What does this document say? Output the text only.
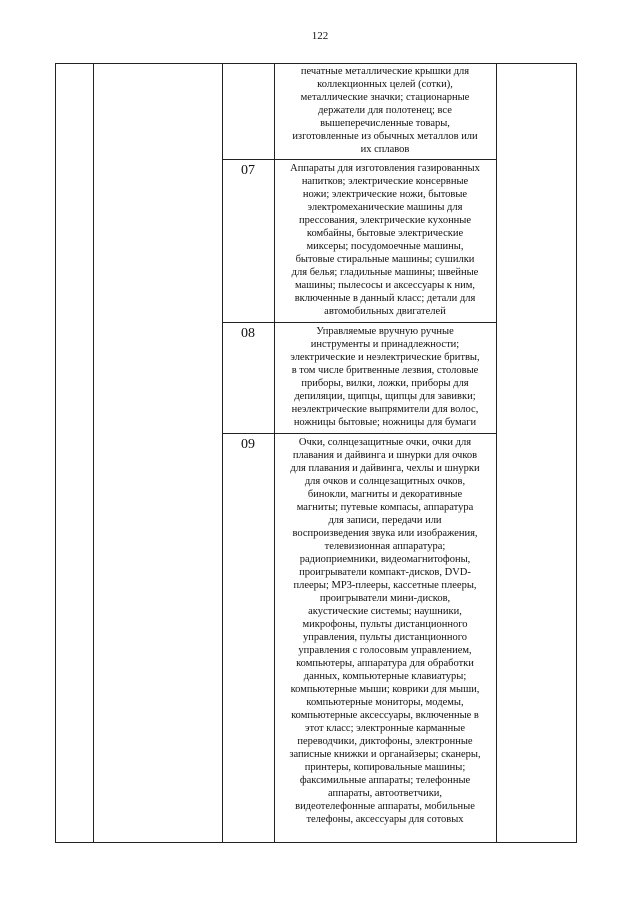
122

печатные металлические крышки для
коллекционных целей (сотки),
металлические значки; стационарные
держатели для полотенец; все
вышеперечисленные товары,
изготовленные из обычных металлов или
их сплавов

07	Аппараты для изготовления газированных
напитков; электрические консервные
ножи; электрические ножи, бытовые
электромеханические машины для
прессования, электрические кухонные
комбайны, бытовые электрические
миксеры; посудомоечные машины,
бытовые стиральные машины; сушилки
для белья; гладильные машины; швейные
машины; пылесосы и аксессуары к ним,
включенные в данный класс; детали для
автомобильных двигателей

08	Управляемые вручную ручные
инструменты и принадлежности;
электрические и неэлектрические бритвы,
в том числе бритвенные лезвия, столовые
приборы, вилки, ложки, приборы для
депиляции, щипцы, щипцы для завивки;
неэлектрические выпрямители для волос,
ножницы бытовые; ножницы для бумаги

09	Очки, солнцезащитные очки, очки для
плавания и дайвинга и шнурки для очков
для плавания и дайвинга, чехлы и шнурки
для очков и солнцезащитных очков,
бинокли, магниты и декоративные
магниты; путевые компасы, аппаратура
для записи, передачи или
воспроизведения звука или изображения,
телевизионная аппаратура;
радиоприемники, видеомагнитофоны,
проигрыватели компакт-дисков, DVD-
плееры; MP3-плееры, кассетные плееры,
проигрыватели мини-дисков,
акустические системы; наушники,
микрофоны, пульты дистанционного
управления, пульты дистанционного
управления с голосовым управлением,
компьютеры, аппаратура для обработки
данных, компьютерные клавиатуры;
компьютерные мыши; коврики для мыши,
компьютерные мониторы, модемы,
компьютерные аксессуары, включенные в
этот класс; электронные карманные
переводчики, диктофоны, электронные
записные книжки и органайзеры; сканеры,
принтеры, копировальные машины;
факсимильные аппараты; телефонные
аппараты, автоответчики,
видеотелефонные аппараты, мобильные
телефоны, аксессуары для сотовых
